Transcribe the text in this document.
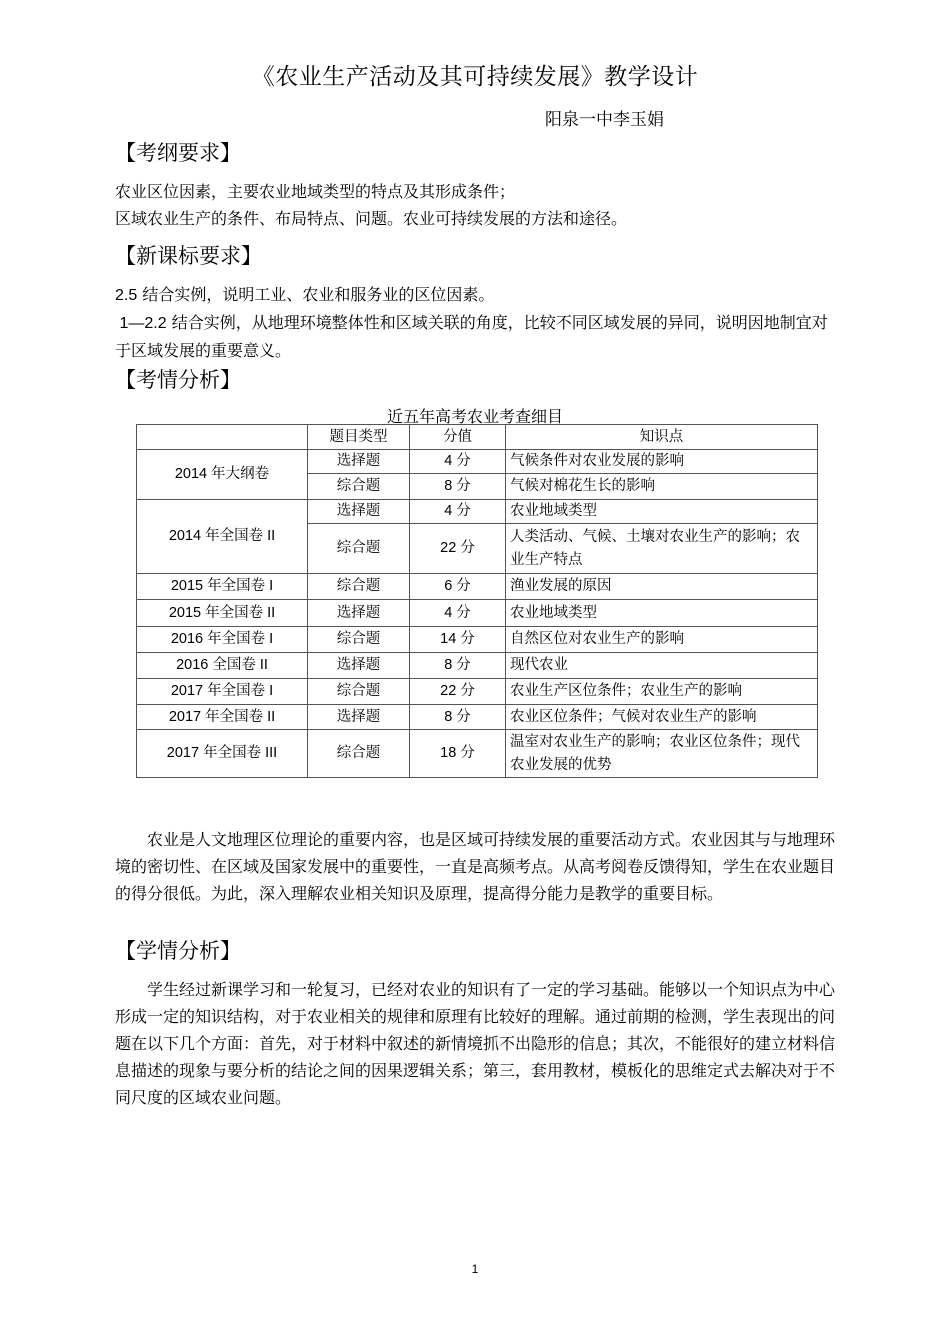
《农业生产活动及其可持续发展》教学设计
阳泉一中李玉娟
【考纲要求】

农业区位因素，主要农业地域类型的特点及其形成条件；

区域农业生产的条件、布局特点、问题。农业可持续发展的方法和途径。

【新课标要求】

2.5 结合实例，说明工业、农业和服务业的区位因素。

1—2.2 结合实例，从地理环境整体性和区域关联的角度，比较不同区域发展的异同，说明因地制宜对于区域发展的重要意义。

【考情分析】
近五年高考农业考查细目
	题目类型	分值	知识点
2014 年大纲卷	选择题	4 分	气候条件对农业发展的影响
	综合题	8 分	气候对棉花生长的影响
2014 年全国卷 II	选择题	4 分	农业地域类型
	综合题	22 分	人类活动、气候、土壤对农业生产的影响；农业生产特点
2015 年全国卷 I	综合题	6 分	渔业发展的原因
2015 年全国卷 II	选择题	4 分	农业地域类型
2016 年全国卷 I	综合题	14 分	自然区位对农业生产的影响
2016 全国卷 II	选择题	8 分	现代农业
2017 年全国卷 I	综合题	22 分	农业生产区位条件；农业生产的影响
2017 年全国卷 II	选择题	8 分	农业区位条件；气候对农业生产的影响
2017 年全国卷 III	综合题	18 分	温室对农业生产的影响；农业区位条件；现代农业发展的优势
农业是人文地理区位理论的重要内容，也是区域可持续发展的重要活动方式。农业因其与与地理环境的密切性、在区域及国家发展中的重要性，一直是高频考点。从高考阅卷反馈得知，学生在农业题目的得分很低。为此，深入理解农业相关知识及原理，提高得分能力是教学的重要目标。
【学情分析】
学生经过新课学习和一轮复习，已经对农业的知识有了一定的学习基础。能够以一个知识点为中心形成一定的知识结构，对于农业相关的规律和原理有比较好的理解。通过前期的检测，学生表现出的问题在以下几个方面：首先，对于材料中叙述的新情境抓不出隐形的信息；其次，不能很好的建立材料信息描述的现象与要分析的结论之间的因果逻辑关系；第三，套用教材，模板化的思维定式去解决对于不同尺度的区域农业问题。
1
